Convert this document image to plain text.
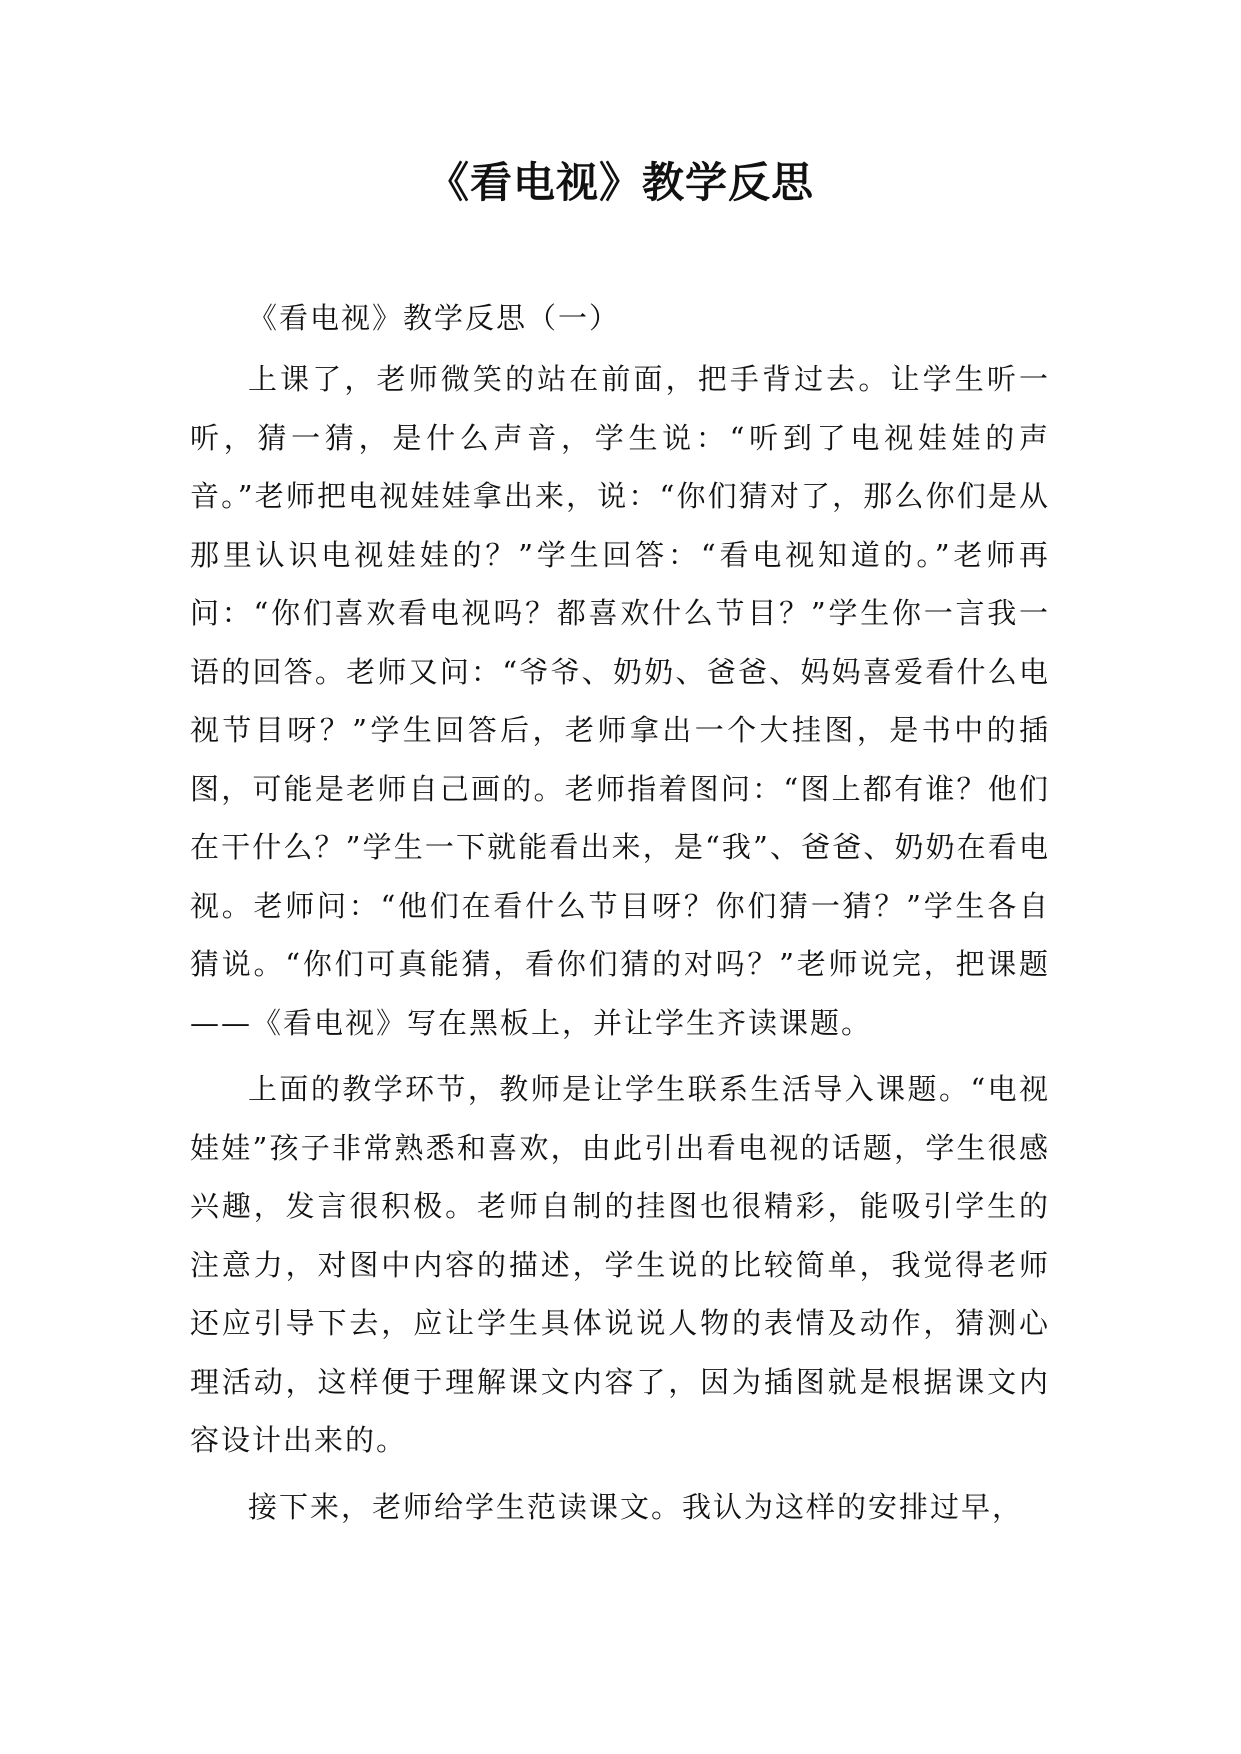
《看电视》教学反思

《看电视》教学反思（一）

上课了，老师微笑的站在前面，把手背过去。让学生听一听，猜一猜，是什么声音，学生说：“听到了电视娃娃的声音。”老师把电视娃娃拿出来，说：“你们猜对了，那么你们是从那里认识电视娃娃的？”学生回答：“看电视知道的。”老师再问：“你们喜欢看电视吗？都喜欢什么节目？”学生你一言我一语的回答。老师又问：“爷爷、奶奶、爸爸、妈妈喜爱看什么电视节目呀？”学生回答后，老师拿出一个大挂图，是书中的插图，可能是老师自己画的。老师指着图问：“图上都有谁？他们在干什么？”学生一下就能看出来，是“我”、爸爸、奶奶在看电视。老师问：“他们在看什么节目呀？你们猜一猜？”学生各自猜说。“你们可真能猜，看你们猜的对吗？”老师说完，把课题——《看电视》写在黑板上，并让学生齐读课题。

上面的教学环节，教师是让学生联系生活导入课题。“电视娃娃”孩子非常熟悉和喜欢，由此引出看电视的话题，学生很感兴趣，发言很积极。老师自制的挂图也很精彩，能吸引学生的注意力，对图中内容的描述，学生说的比较简单，我觉得老师还应引导下去，应让学生具体说说人物的表情及动作，猜测心理活动，这样便于理解课文内容了，因为插图就是根据课文内容设计出来的。

接下来，老师给学生范读课文。我认为这样的安排过早，
